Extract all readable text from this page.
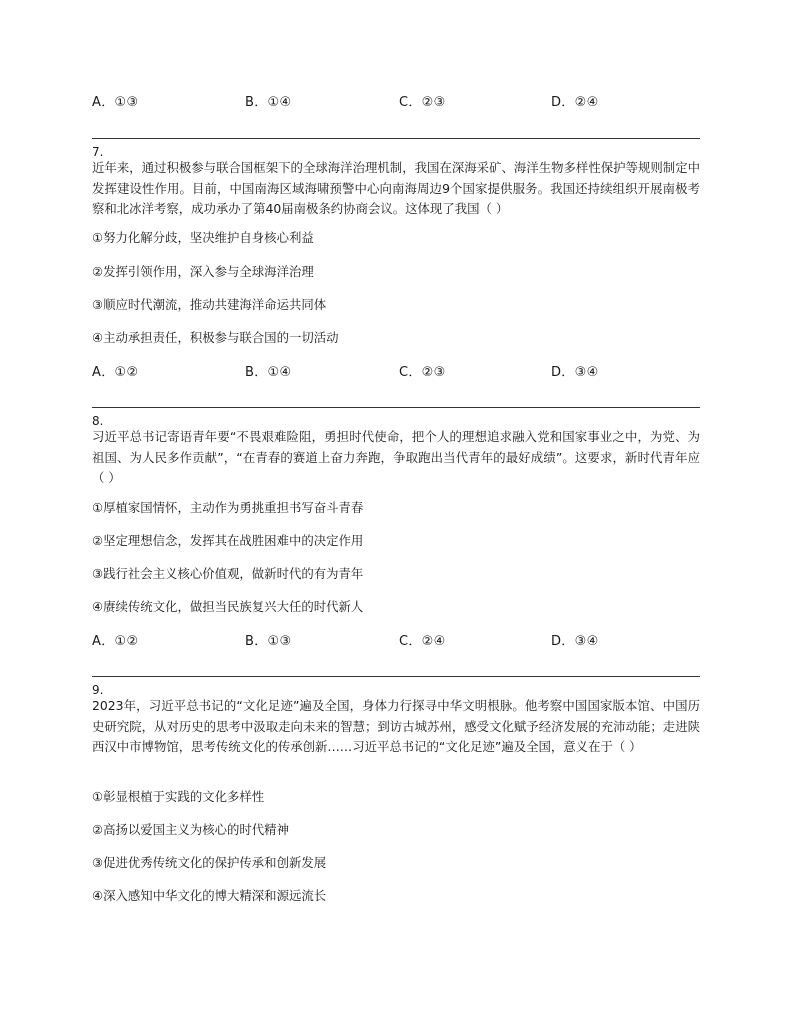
A．①③	B．①④	C．②③	D．②④
7.
近年来，通过积极参与联合国框架下的全球海洋治理机制，我国在深海采矿、海洋生物多样性保护等规则制定中发挥建设性作用。目前，中国南海区域海啸预警中心向南海周边9个国家提供服务。我国还持续组织开展南极考察和北冰洋考察，成功承办了第40届南极条约协商会议。这体现了我国（ ）
①努力化解分歧，坚决维护自身核心利益
②发挥引领作用，深入参与全球海洋治理
③顺应时代潮流，推动共建海洋命运共同体
④主动承担责任，积极参与联合国的一切活动
A．①②	B．①④	C．②③	D．③④
8.
习近平总书记寄语青年要“不畏艰难险阻，勇担时代使命，把个人的理想追求融入党和国家事业之中，为党、为祖国、为人民多作贡献”，“在青春的赛道上奋力奔跑，争取跑出当代青年的最好成绩”。这要求，新时代青年应（ ）
①厚植家国情怀，主动作为勇挑重担书写奋斗青春
②坚定理想信念，发挥其在战胜困难中的决定作用
③践行社会主义核心价值观，做新时代的有为青年
④赓续传统文化，做担当民族复兴大任的时代新人
A．①②	B．①③	C．②④	D．③④
9.
2023年，习近平总书记的“文化足迹”遍及全国，身体力行探寻中华文明根脉。他考察中国国家版本馆、中国历史研究院，从对历史的思考中汲取走向未来的智慧；到访古城苏州，感受文化赋予经济发展的充沛动能；走进陕西汉中市博物馆，思考传统文化的传承创新……习近平总书记的“文化足迹”遍及全国，意义在于（ ）
①彰显根植于实践的文化多样性
②高扬以爱国主义为核心的时代精神
③促进优秀传统文化的保护传承和创新发展
④深入感知中华文化的博大精深和源远流长
